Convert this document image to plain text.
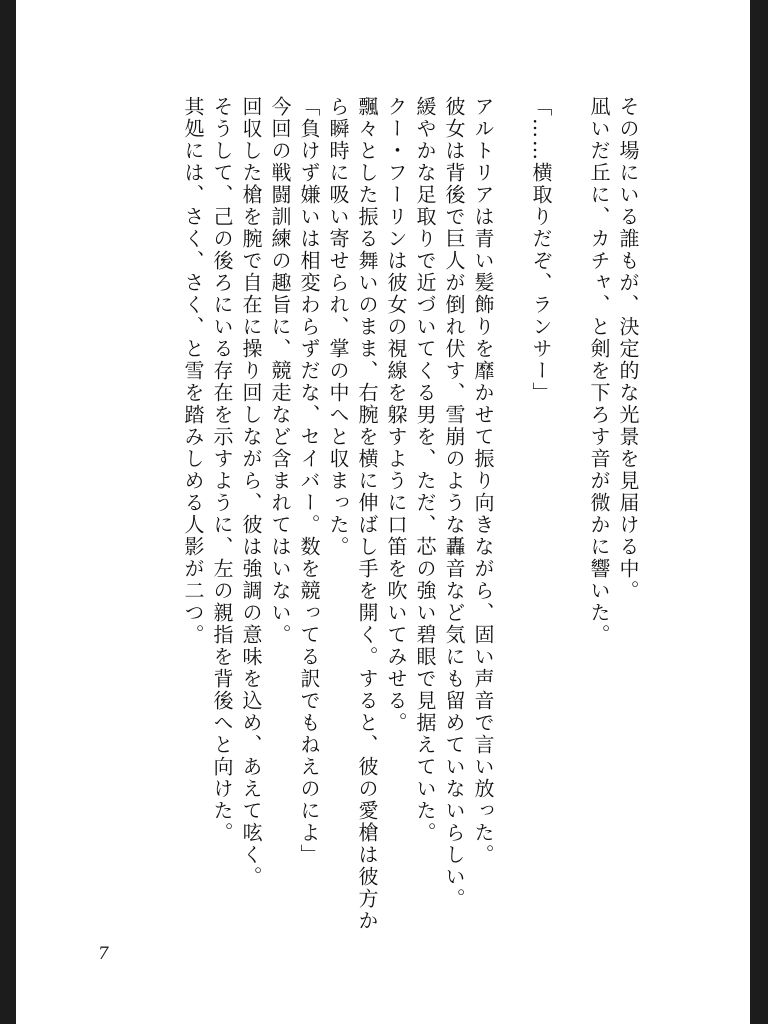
その場にいる誰もが、決定的な光景を見届ける中。
凪いだ丘に、カチャ、と剣を下ろす音が微かに響いた。
「……横取りだぞ、ランサー」
アルトリアは青い髪飾りを靡かせて振り向きながら、固い声音で言い放った。
彼女は背後で巨人が倒れ伏す、雪崩のような轟音など気にも留めていないらしい。
緩やかな足取りで近づいてくる男を、ただ、芯の強い碧眼で見据えていた。
クー・フーリンは彼女の視線を躱すように口笛を吹いてみせる。
飄々とした振る舞いのまま、右腕を横に伸ばし手を開く。すると、彼の愛槍は彼方か
ら瞬時に吸い寄せられ、掌の中へと収まった。
「負けず嫌いは相変わらずだな、セイバー。数を競ってる訳でもねえのによ」
今回の戦闘訓練の趣旨に、競走など含まれてはいない。
回収した槍を腕で自在に操り回しながら、彼は強調の意味を込め、あえて呟く。
そうして、己の後ろにいる存在を示すように、左の親指を背後へと向けた。
其処には、さく、さく、と雪を踏みしめる人影が二つ。
7
